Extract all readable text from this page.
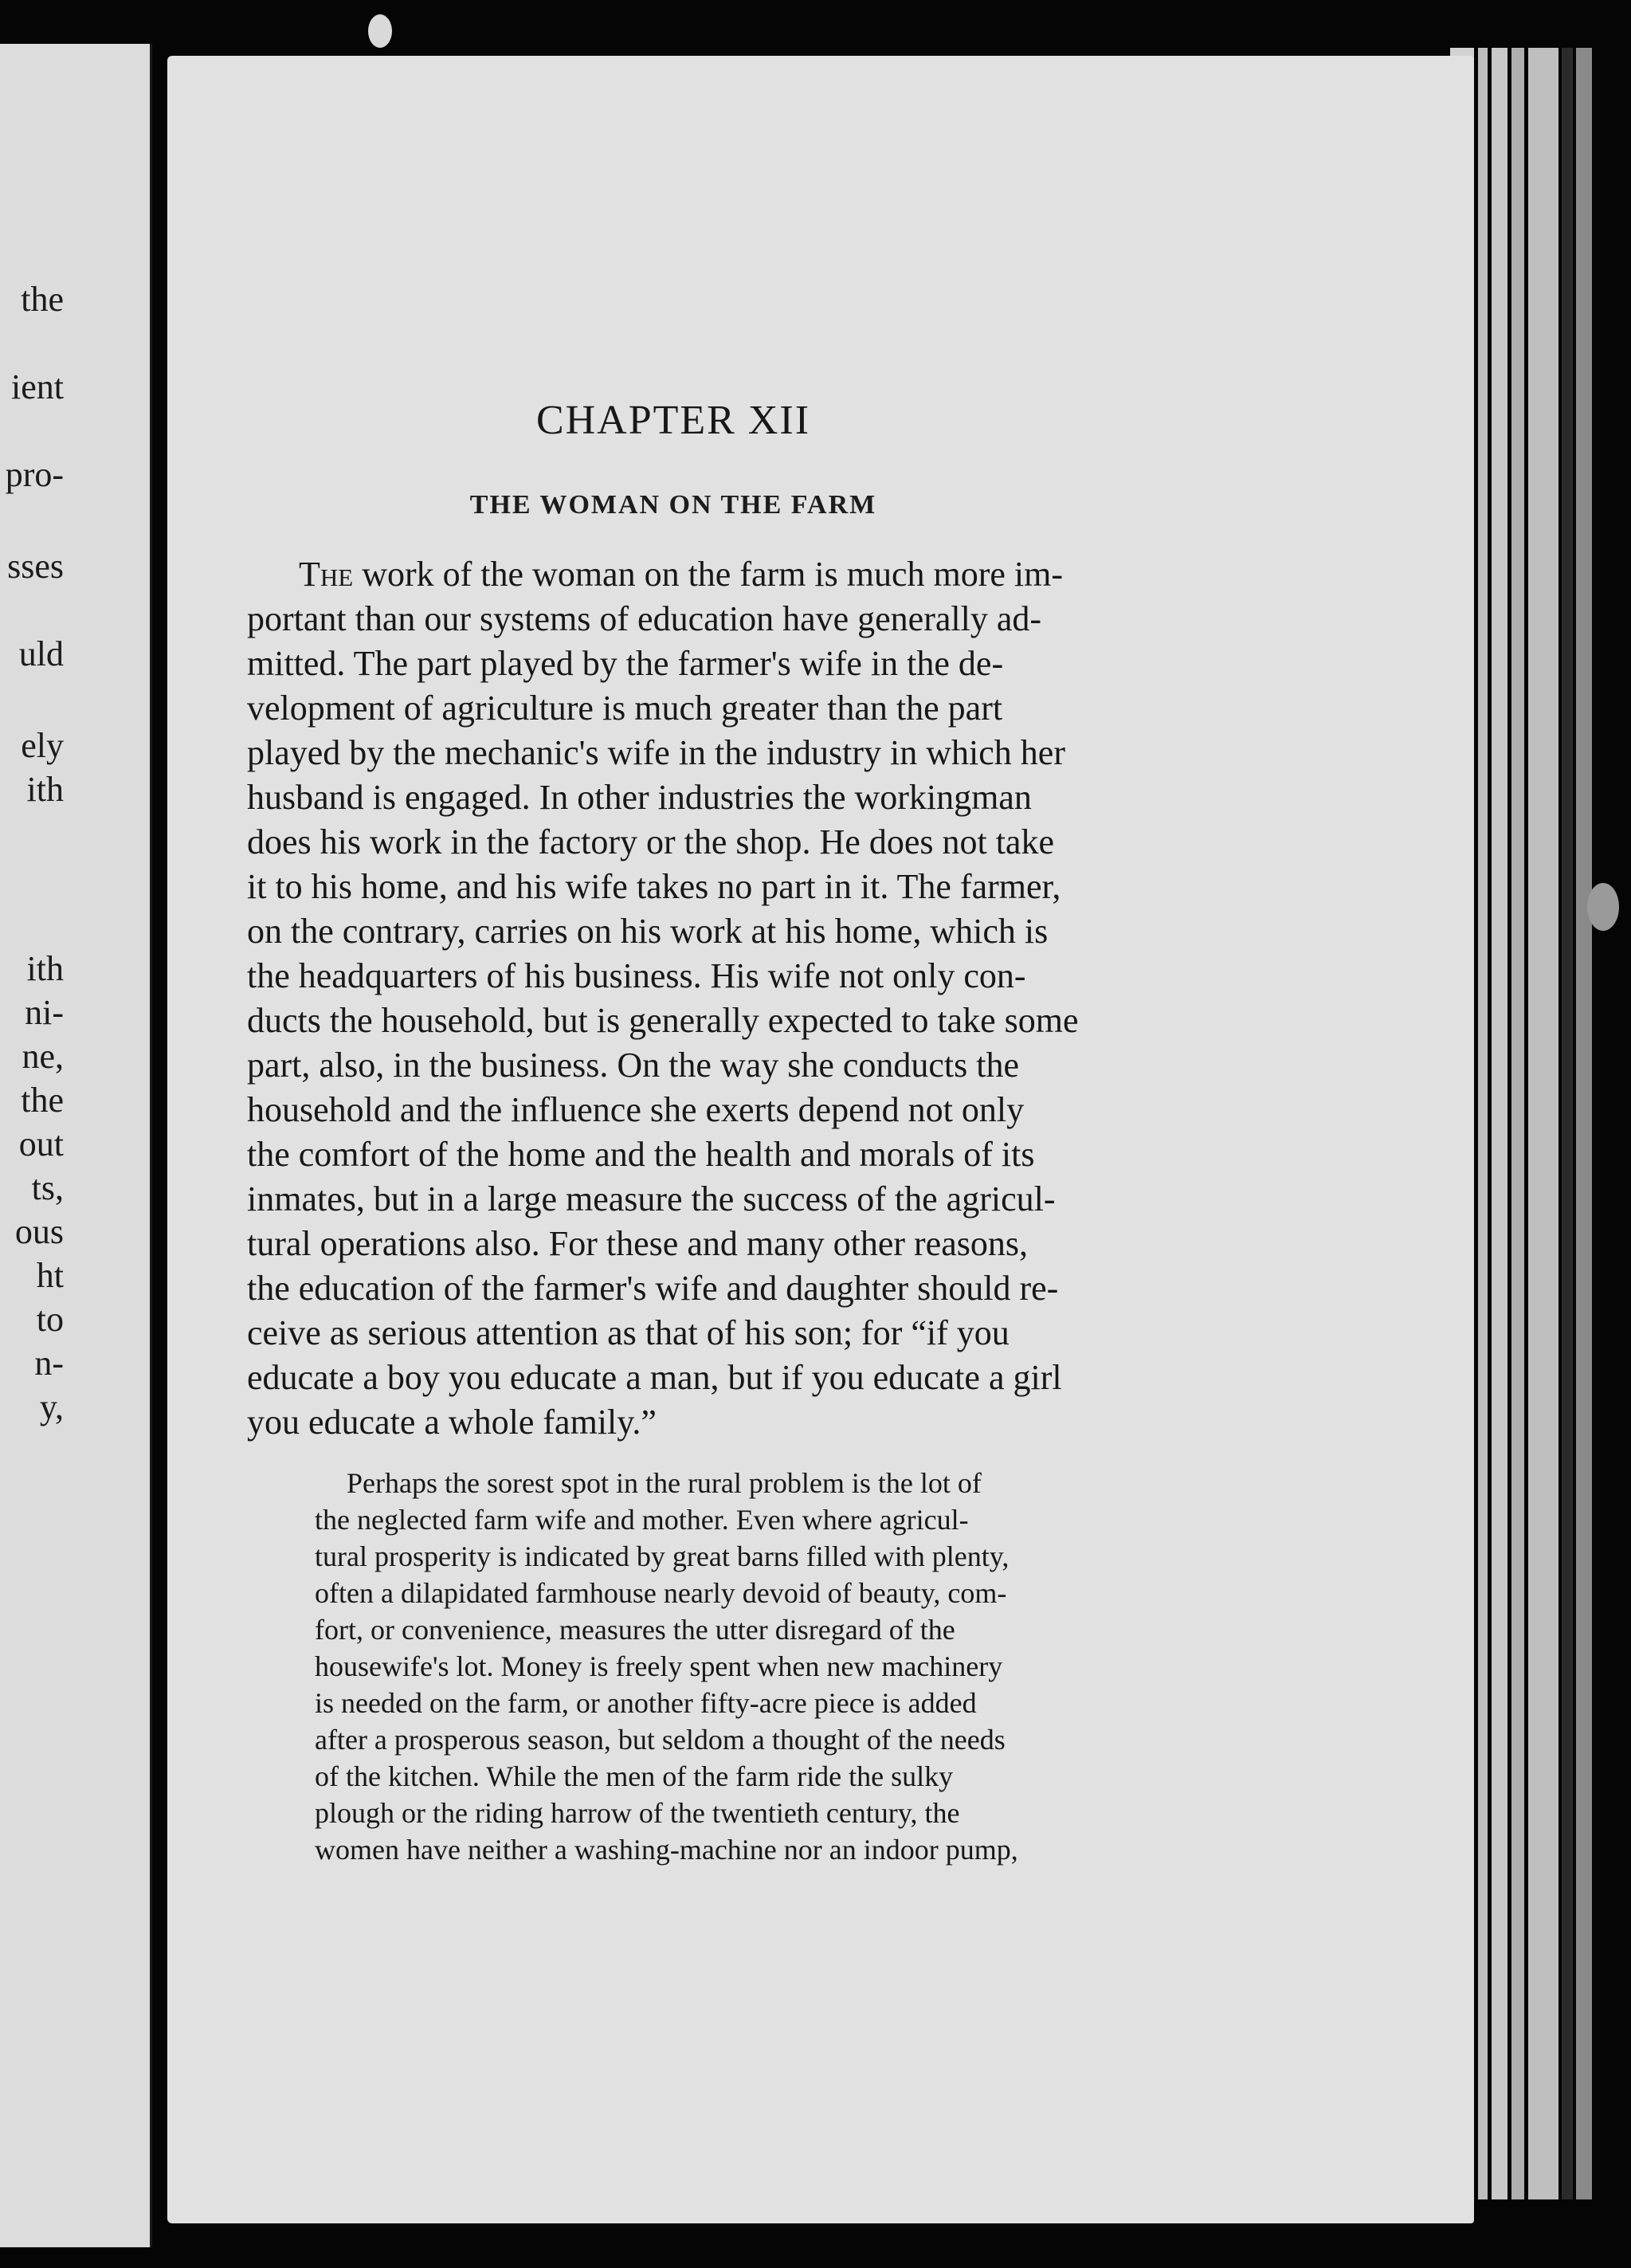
the
ient
pro-
sses
uld
ely
ith
ith
ni-
ne,
the
out
ts,
ous
ht
to
n-
y,
CHAPTER XII
THE WOMAN ON THE FARM
The work of the woman on the farm is much more im-
portant than our systems of education have generally ad-
mitted. The part played by the farmer's wife in the de-
velopment of agriculture is much greater than the part
played by the mechanic's wife in the industry in which her
husband is engaged. In other industries the workingman
does his work in the factory or the shop. He does not take
it to his home, and his wife takes no part in it. The farmer,
on the contrary, carries on his work at his home, which is
the headquarters of his business. His wife not only con-
ducts the household, but is generally expected to take some
part, also, in the business. On the way she conducts the
household and the influence she exerts depend not only
the comfort of the home and the health and morals of its
inmates, but in a large measure the success of the agricul-
tural operations also. For these and many other reasons,
the education of the farmer's wife and daughter should re-
ceive as serious attention as that of his son; for “if you
educate a boy you educate a man, but if you educate a girl
you educate a whole family.”
Perhaps the sorest spot in the rural problem is the lot of
the neglected farm wife and mother. Even where agricul-
tural prosperity is indicated by great barns filled with plenty,
often a dilapidated farmhouse nearly devoid of beauty, com-
fort, or convenience, measures the utter disregard of the
housewife's lot. Money is freely spent when new machinery
is needed on the farm, or another fifty-acre piece is added
after a prosperous season, but seldom a thought of the needs
of the kitchen. While the men of the farm ride the sulky
plough or the riding harrow of the twentieth century, the
women have neither a washing-machine nor an indoor pump,
